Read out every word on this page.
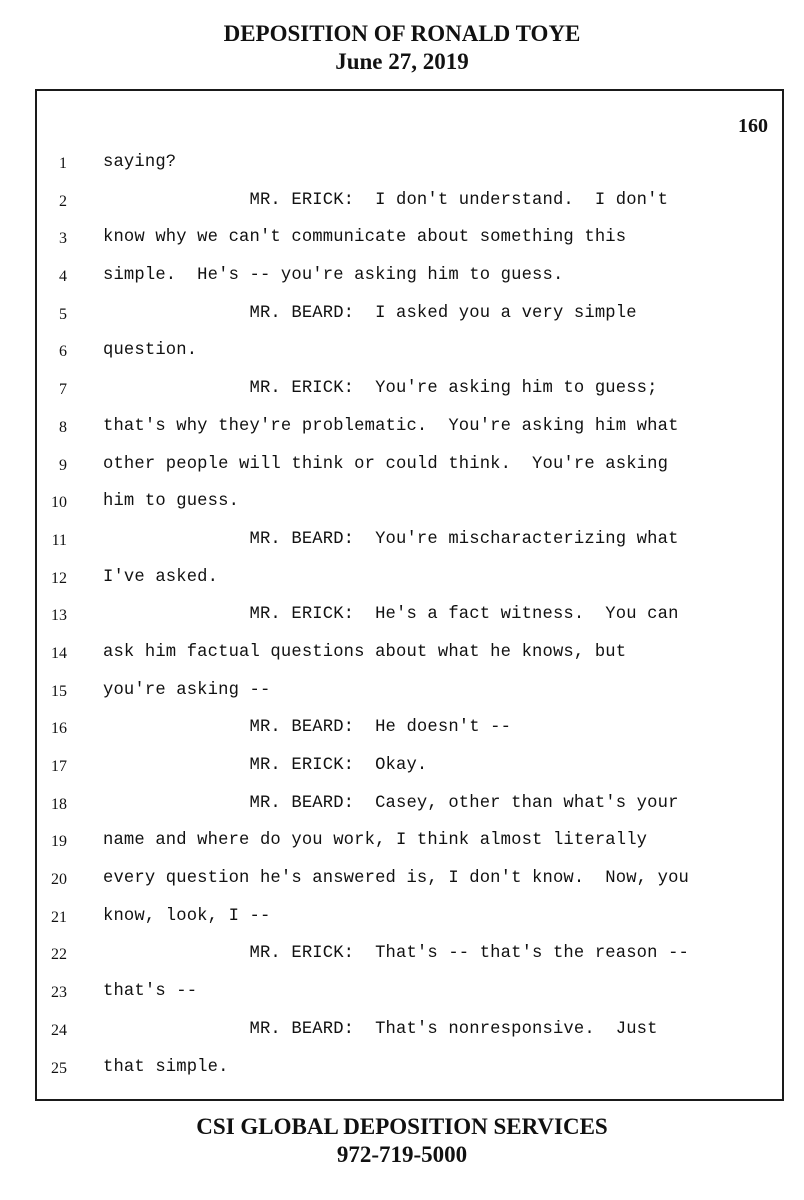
DEPOSITION OF RONALD TOYE
June 27, 2019
160
1 saying?
2 MR. ERICK:  I don't understand.  I don't
3 know why we can't communicate about something this
4 simple.  He's -- you're asking him to guess.
5 MR. BEARD:  I asked you a very simple
6 question.
7 MR. ERICK:  You're asking him to guess;
8 that's why they're problematic.  You're asking him what
9 other people will think or could think.  You're asking
10 him to guess.
11 MR. BEARD:  You're mischaracterizing what
12 I've asked.
13 MR. ERICK:  He's a fact witness.  You can
14 ask him factual questions about what he knows, but
15 you're asking --
16 MR. BEARD:  He doesn't --
17 MR. ERICK:  Okay.
18 MR. BEARD:  Casey, other than what's your
19 name and where do you work, I think almost literally
20 every question he's answered is, I don't know.  Now, you
21 know, look, I --
22 MR. ERICK:  That's -- that's the reason --
23 that's --
24 MR. BEARD:  That's nonresponsive.  Just
25 that simple.
CSI GLOBAL DEPOSITION SERVICES
972-719-5000
